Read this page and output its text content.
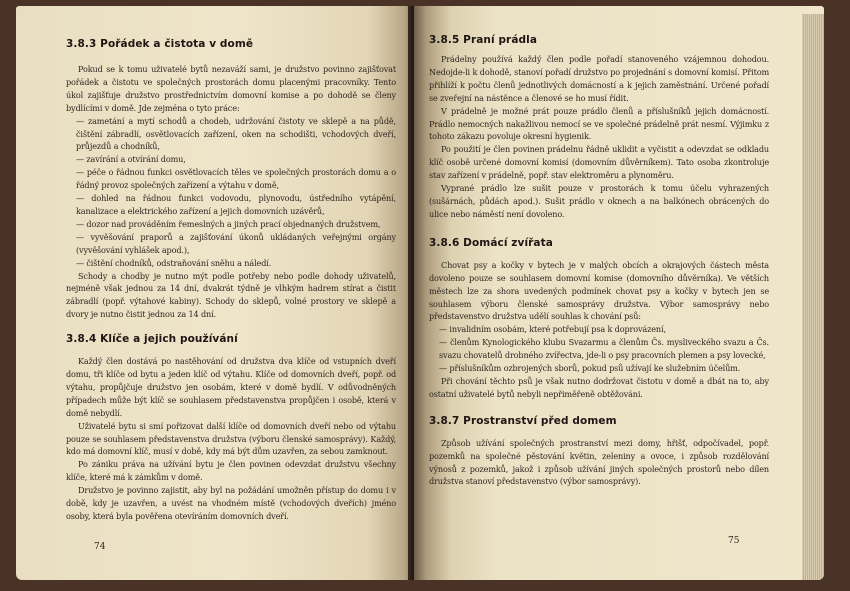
3.8.3 Pořádek a čistota v domě

Pokud se k tomu uživatelé bytů nezaváží sami, je družstvo povinno zajišťovat pořádek a čistotu ve společných prostorách domu placenými pracovníky. Tento úkol zajišťuje družstvo prostřednictvím domovní komise a po dohodě se členy bydlícími v domě. Jde zejména o tyto práce:

— zametání a mytí schodů a chodeb, udržování čistoty ve sklepě a na půdě, čištění zábradlí, osvětlovacích zařízení, oken na schodišti, vchodových dveří, průjezdů a chodníků,

— zavírání a otvírání domu,

— péče o řádnou funkci osvětlovacích těles ve společných prostorách domu a o řádný provoz společných zařízení a výtahu v domě,

— dohled na řádnou funkci vodovodu, plynovodu, ústředního vytápění, kanalizace a elektrického zařízení a jejich domovních uzávěrů,

— dozor nad prováděním řemeslných a jiných prací objednaných družstvem,

— vyvěšování praporů a zajišťování úkonů ukládaných veřejnými orgány (vyvěšování vyhlášek apod.),

— čištění chodníků, odstraňování sněhu a náledí.

Schody a chodby je nutno mýt podle potřeby nebo podle dohody uživatelů, nejméně však jednou za 14 dní, dvakrát týdně je vlhkým hadrem stírat a čistit zábradlí (popř. výtahové kabiny). Schody do sklepů, volné prostory ve sklepě a dvory je nutno čistit jednou za 14 dní.

3.8.4 Klíče a jejich používání

Každý člen dostává po nastěhování od družstva dva klíče od vstupních dveří domu, tři klíče od bytu a jeden klíč od výtahu. Klíče od domovních dveří, popř. od výtahu, propůjčuje družstvo jen osobám, které v domě bydlí. V odůvodněných případech může být klíč se souhlasem představenstva propůjčen i osobě, která v domě nebydlí.

Uživatelé bytu si smí pořizovat další klíče od domovních dveří nebo od výtahu pouze se souhlasem představenstva družstva (výboru členské samosprávy). Každý, kdo má domovní klíč, musí v době, kdy má být dům uzavřen, za sebou zamknout.

Po zániku práva na užívání bytu je člen povinen odevzdat družstvu všechny klíče, které má k zámkům v domě.

Družstvo je povinno zajistit, aby byl na požádání umožněn přístup do domu i v době, kdy je uzavřen, a uvést na vhodném místě (vchodových dveřích) jméno osoby, která byla pověřena otevíráním domovních dveří.

74
3.8.5 Praní prádla

Prádelny používá každý člen podle pořadí stanoveného vzájemnou dohodou. Nedojde-li k dohodě, stanoví pořadí družstvo po projednání s domovní komisí. Přitom přihlíží k počtu členů jednotlivých domácností a k jejich zaměstnání. Určené pořadí se zveřejní na nástěnce a členové se ho musí řídit.

V prádelně je možné prát pouze prádlo členů a příslušníků jejich domácností. Prádlo nemocných nakažlivou nemocí se ve společné prádelně prát nesmí. Výjimku z tohoto zákazu povoluje okresní hygienik.

Po použití je člen povinen prádelnu řádně uklidit a vyčistit a odevzdat se odkladu klíč osobě určené domovní komisí (domovním důvěrníkem). Tato osoba zkontroluje stav zařízení v prádelně, popř. stav elektroměru a plynoměru.

Vyprané prádlo lze sušit pouze v prostorách k tomu účelu vyhrazených (sušárnách, půdách apod.). Sušit prádlo v oknech a na balkónech obrácených do ulice nebo náměstí není dovoleno.

3.8.6 Domácí zvířata

Chovat psy a kočky v bytech je v malých obcích a okrajových částech města dovoleno pouze se souhlasem domovní komise (domovního důvěrníka). Ve větších městech lze za shora uvedených podmínek chovat psy a kočky v bytech jen se souhlasem výboru členské samosprávy družstva. Výbor samosprávy nebo představenstvo družstva udělí souhlas k chování psů:

— invalidním osobám, které potřebují psa k doprovázení,

— členům Kynologického klubu Svazarmu a členům Čs. mysliveckého svazu a Čs. svazu chovatelů drobného zvířectva, jde-li o psy pracovních plemen a psy lovecké,

— příslušníkům ozbrojených sborů, pokud psů užívají ke služebním účelům.

Při chování těchto psů je však nutno dodržovat čistotu v domě a dbát na to, aby ostatní uživatelé bytů nebyli nepřiměřeně obtěžováni.

3.8.7 Prostranství před domem

Způsob užívání společných prostranství mezi domy, hřišť, odpočívadel, popř. pozemků na společné pěstování květin, zeleniny a ovoce, i způsob rozdělování výnosů z pozemků, jakož i způsob užívání jiných společných prostorů nebo dílen družstva stanoví představenstvo (výbor samosprávy).

75
